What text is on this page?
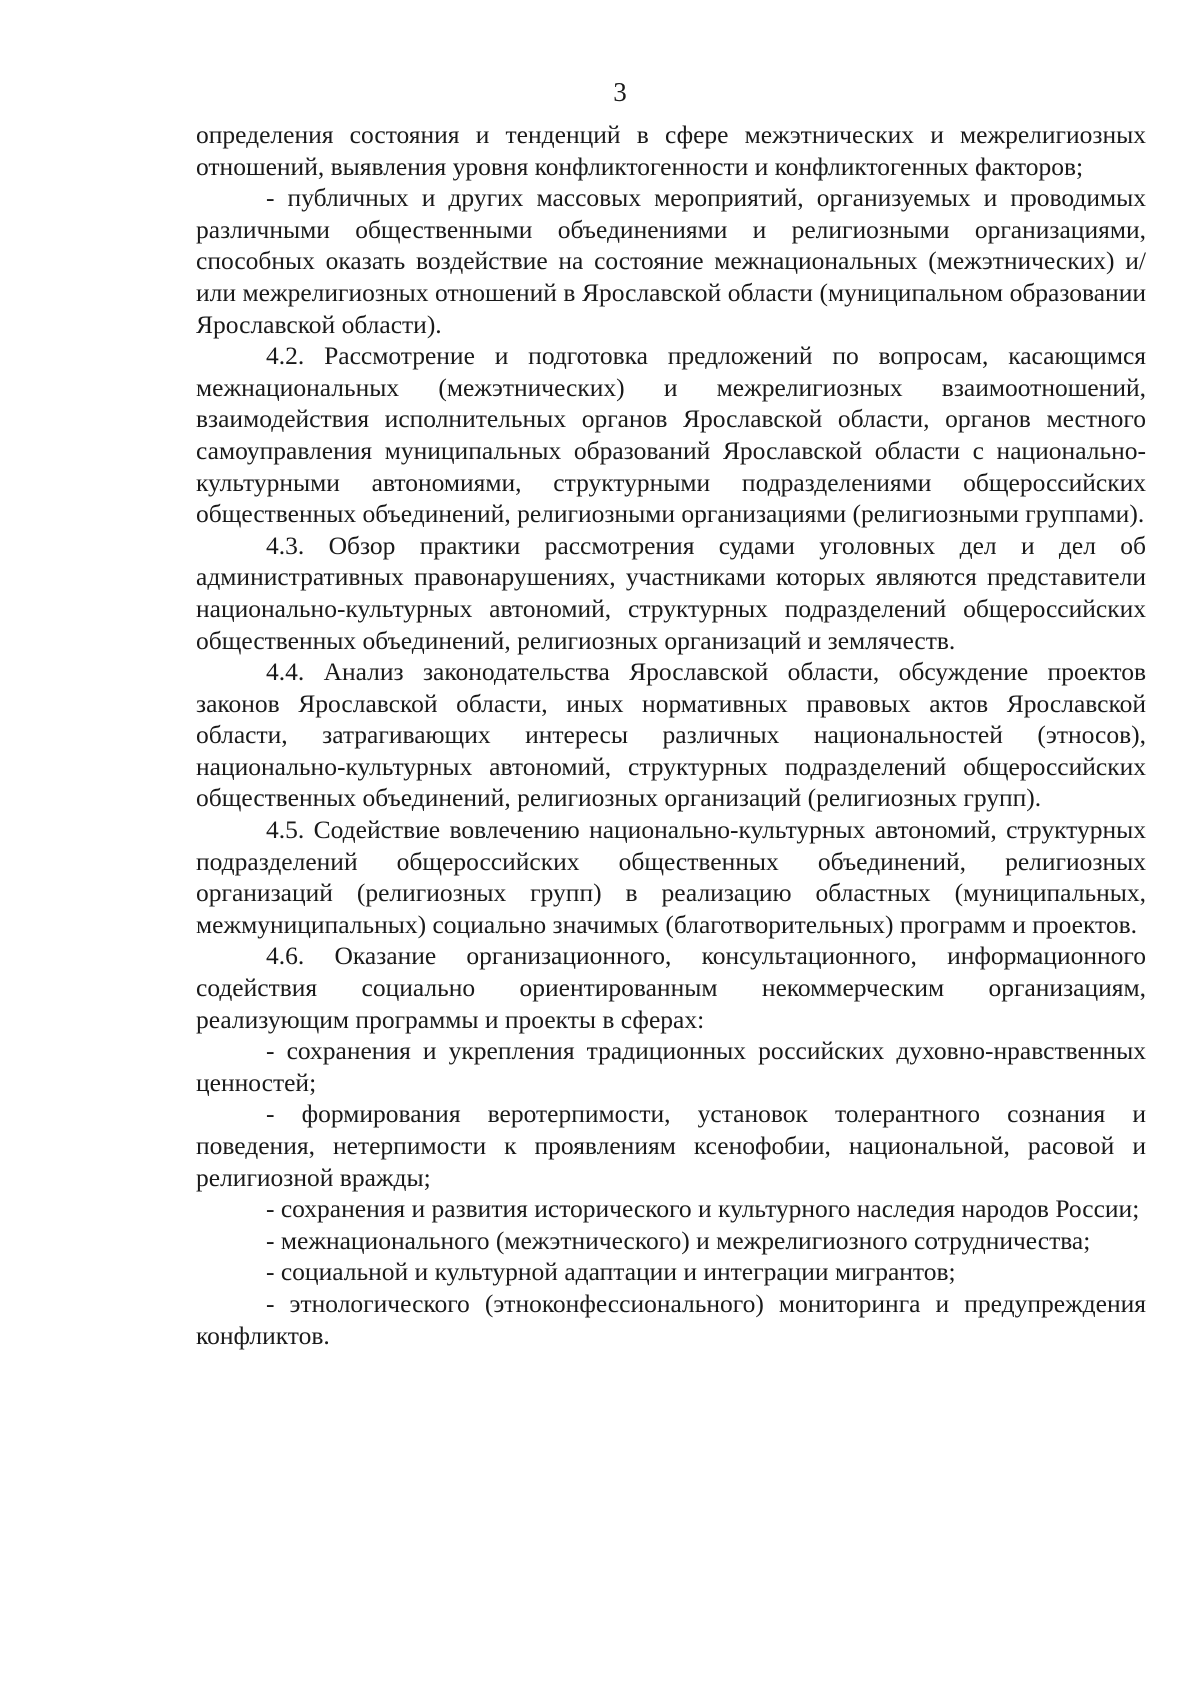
3

определения состояния и тенденций в сфере межэтнических и межрелигиозных отношений, выявления уровня конфликтогенности и конфликтогенных факторов;

- публичных и других массовых мероприятий, организуемых и проводимых различными общественными объединениями и религиозными организациями, способных оказать воздействие на состояние межнациональных (межэтнических) и/или межрелигиозных отношений в Ярославской области (муниципальном образовании Ярославской области).

4.2. Рассмотрение и подготовка предложений по вопросам, касающимся межнациональных (межэтнических) и межрелигиозных взаимоотношений, взаимодействия исполнительных органов Ярославской области, органов местного самоуправления муниципальных образований Ярославской области с национально-культурными автономиями, структурными подразделениями общероссийских общественных объединений, религиозными организациями (религиозными группами).

4.3. Обзор практики рассмотрения судами уголовных дел и дел об административных правонарушениях, участниками которых являются представители национально-культурных автономий, структурных подразделений общероссийских общественных объединений, религиозных организаций и землячеств.

4.4. Анализ законодательства Ярославской области, обсуждение проектов законов Ярославской области, иных нормативных правовых актов Ярославской области, затрагивающих интересы различных национальностей (этносов), национально-культурных автономий, структурных подразделений общероссийских общественных объединений, религиозных организаций (религиозных групп).

4.5. Содействие вовлечению национально-культурных автономий, структурных подразделений общероссийских общественных объединений, религиозных организаций (религиозных групп) в реализацию областных (муниципальных, межмуниципальных) социально значимых (благотворительных) программ и проектов.

4.6. Оказание организационного, консультационного, информационного содействия социально ориентированным некоммерческим организациям, реализующим программы и проекты в сферах:

- сохранения и укрепления традиционных российских духовно-нравственных ценностей;

- формирования веротерпимости, установок толерантного сознания и поведения, нетерпимости к проявлениям ксенофобии, национальной, расовой и религиозной вражды;

- сохранения и развития исторического и культурного наследия народов России;

- межнационального (межэтнического) и межрелигиозного сотрудничества;

- социальной и культурной адаптации и интеграции мигрантов;

- этнологического (этноконфессионального) мониторинга и предупреждения конфликтов.
